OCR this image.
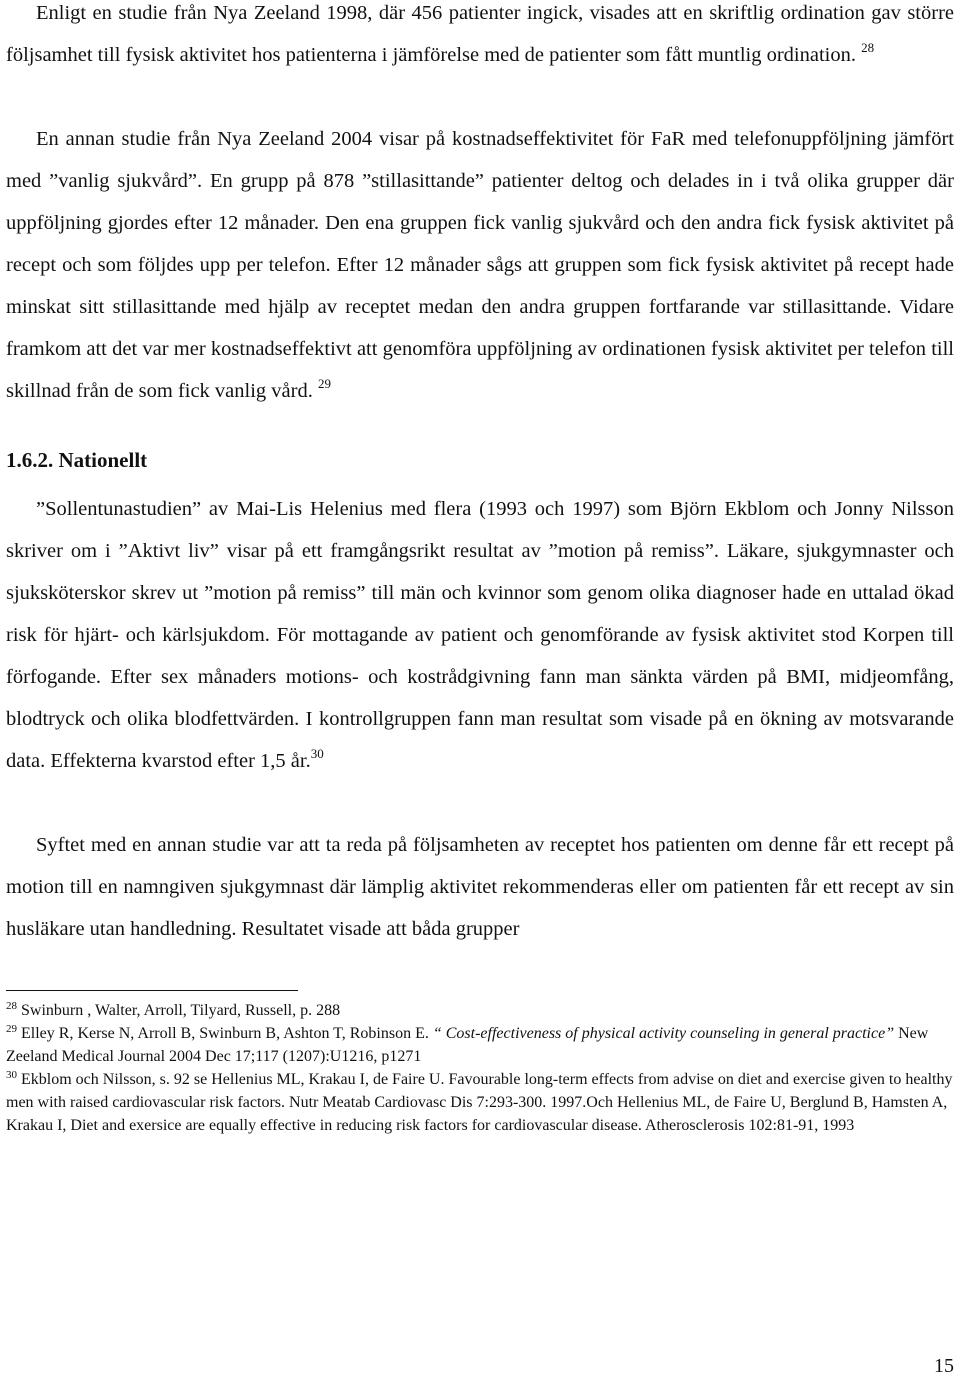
Enligt en studie från Nya Zeeland 1998, där 456 patienter ingick, visades att en skriftlig ordination gav större följsamhet till fysisk aktivitet hos patienterna i jämförelse med de patienter som fått muntlig ordination. $^{28}$

En annan studie från Nya Zeeland 2004 visar på kostnadseffektivitet för FaR med telefonuppföljning jämfört med ”vanlig sjukvård”. En grupp på 878 ”stillasittande” patienter deltog och delades in i två olika grupper där uppföljning gjordes efter 12 månader. Den ena gruppen fick vanlig sjukvård och den andra fick fysisk aktivitet på recept och som följdes upp per telefon. Efter 12 månader sågs att gruppen som fick fysisk aktivitet på recept hade minskat sitt stillasittande med hjälp av receptet medan den andra gruppen fortfarande var stillasittande. Vidare framkom att det var mer kostnadseffektivt att genomföra uppföljning av ordinationen fysisk aktivitet per telefon till skillnad från de som fick vanlig vård. $^{29}$

1.6.2. Nationellt

”Sollentunastudien” av Mai-Lis Helenius med flera (1993 och 1997) som Björn Ekblom och Jonny Nilsson skriver om i ”Aktivt liv” visar på ett framgångsrikt resultat av ”motion på remiss”. Läkare, sjukgymnaster och sjuksköterskor skrev ut ”motion på remiss” till män och kvinnor som genom olika diagnoser hade en uttalad ökad risk för hjärt- och kärlsjukdom. För mottagande av patient och genomförande av fysisk aktivitet stod Korpen till förfogande. Efter sex månaders motions- och kostrådgivning fann man sänkta värden på BMI, midjeomfång, blodtryck och olika blodfettvärden. I kontrollgruppen fann man resultat som visade på en ökning av motsvarande data. Effekterna kvarstod efter 1,5 år.$^{30}$

Syftet med en annan studie var att ta reda på följsamheten av receptet hos patienten om denne får ett recept på motion till en namngiven sjukgymnast där lämplig aktivitet rekommenderas eller om patienten får ett recept av sin husläkare utan handledning. Resultatet visade att båda grupper

$^{28}$ Swinburn , Walter, Arroll, Tilyard, Russell, p. 288

$^{29}$ Elley R, Kerse N, Arroll B, Swinburn B, Ashton T, Robinson E. “ Cost-effectiveness of physical activity counseling in general practice” New Zeeland Medical Journal 2004 Dec 17;117 (1207):U1216, p1271

$^{30}$ Ekblom och Nilsson, s. 92 se Hellenius ML, Krakau I, de Faire U. Favourable long-term effects from advise on diet and exercise given to healthy men with raised cardiovascular risk factors. Nutr Meatab Cardiovasc Dis 7:293-300. 1997.Och Hellenius ML, de Faire U, Berglund B, Hamsten A, Krakau I, Diet and exersice are equally effective in reducing risk factors for cardiovascular disease. Atherosclerosis 102:81-91, 1993

15
